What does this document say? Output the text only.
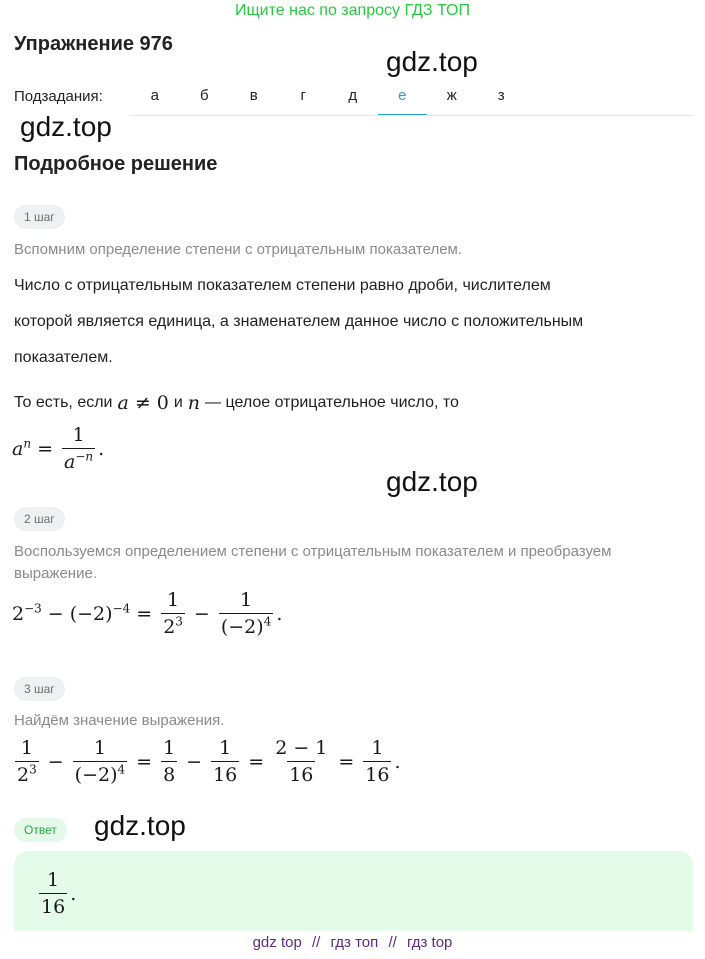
Ищите нас по запросу ГДЗ ТОП
Упражнение 976
gdz.top
Подзадания:	а	б	в	г	д	е	ж	з
gdz.top
Подробное решение
1 шаг
Вспомним определение степени с отрицательным показателем.
Число с отрицательным показателем степени равно дроби, числителем
которой является единица, а знаменателем данное число с положительным
показателем.
То есть, если a ≠ 0 и n — целое отрицательное число, то
$a^n = \frac{1}{a^{-n}}$ .
gdz.top
2 шаг
Воспользуемся определением степени с отрицательным показателем и преобразуем выражение.
$2^{-3} - (-2)^{-4} = \frac{1}{2^3} - \frac{1}{(-2)^4}$ .
3 шаг
Найдём значение выражения.
$\frac{1}{2^3} - \frac{1}{(-2)^4} = \frac{1}{8} - \frac{1}{16} = \frac{2 - 1}{16} = \frac{1}{16}$ .
Ответ	gdz.top
$\frac{1}{16}$ .
gdz top // гдз топ // гдз top
